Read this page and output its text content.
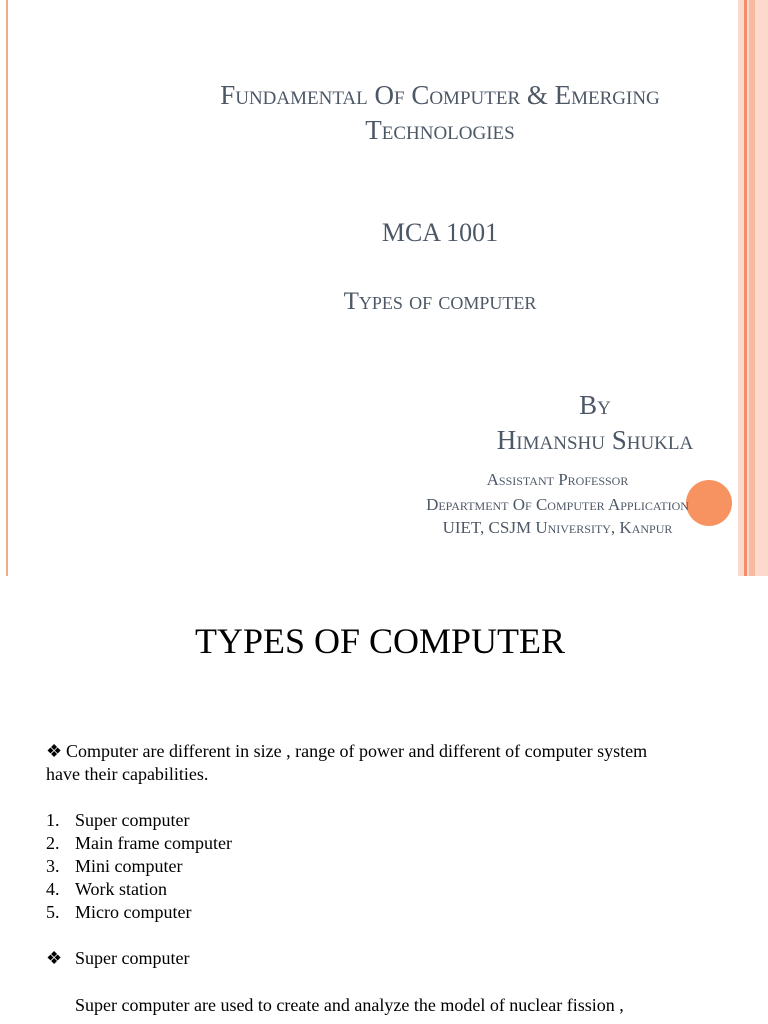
Fundamental Of Computer & Emerging
Technologies
MCA 1001
Types of computer
By
Himanshu Shukla
Assistant Professor
Department Of Computer Application
UIET, CSJM University, Kanpur
TYPES OF COMPUTER
❖ Computer are different in size , range of power and different of computer system
have their capabilities.
1. Super computer
2. Main frame computer
3. Mini computer
4. Work station
5. Micro computer
❖ Super computer
Super computer are used to create and analyze the model of nuclear fission ,
